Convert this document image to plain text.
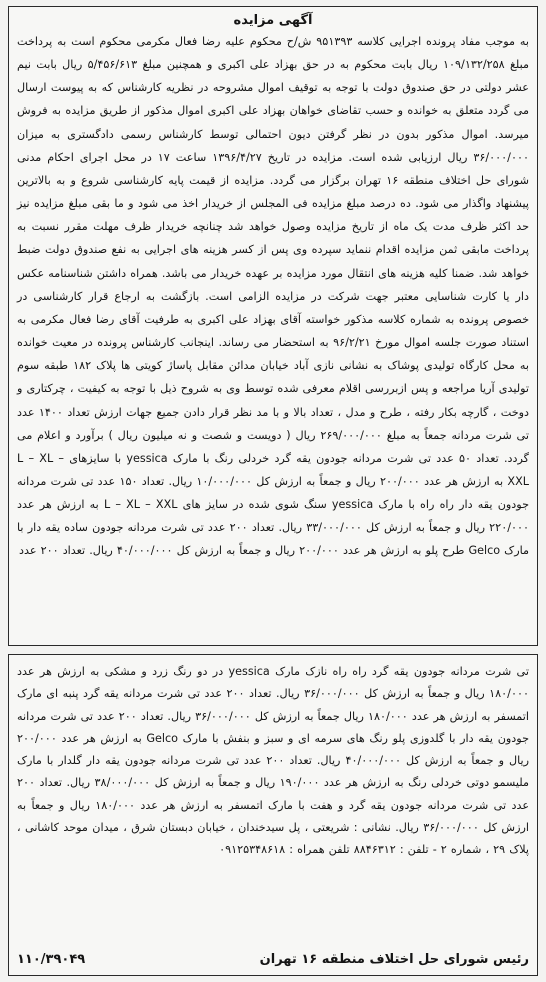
آگهی مزایده
به موجب مفاد پرونده اجرایی کلاسه ۹۵۱۳۹۳ ش/ح محکوم علیه رضا فعال مکرمی محکوم است به پرداخت مبلغ ۱۰۹/۱۳۲/۲۵۸ ریال بابت محکوم به در حق بهزاد علی اکبری و همچنین مبلغ ۵/۴۵۶/۶۱۳ ریال بابت نیم عشر دولتی در حق صندوق دولت با توجه به توقیف اموال مشروحه در نظریه کارشناس که به پیوست ارسال می گردد متعلق به خوانده و حسب تقاضای خواهان بهزاد علی اکبری اموال مذکور از طریق مزایده به فروش میرسد. اموال مذکور بدون در نظر گرفتن دیون احتمالی توسط کارشناس رسمی دادگستری به میزان ۳۶/۰۰۰/۰۰۰ ریال ارزیابی شده است. مزایده در تاریخ ۱۳۹۶/۴/۲۷ ساعت ۱۷ در محل اجرای احکام مدنی شورای حل اختلاف منطقه ۱۶ تهران برگزار می گردد. مزایده از قیمت پایه کارشناسی شروع و به بالاترین پیشنهاد واگذار می شود. ده درصد مبلغ مزایده فی المجلس از خریدار اخذ می شود و ما بقی مبلغ مزایده نیز حد اکثر ظرف مدت یک ماه از تاریخ مزایده وصول خواهد شد چنانچه خریدار ظرف مهلت مقرر نسبت به پرداخت مابقی ثمن مزایده اقدام ننماید سپرده وی پس از کسر هزینه های اجرایی به نفع صندوق دولت ضبط خواهد شد. ضمنا کلیه هزینه های انتقال مورد مزایده بر عهده خریدار می باشد. همراه داشتن شناسنامه عکس دار یا کارت شناسایی معتبر جهت شرکت در مزایده الزامی است. بازگشت به ارجاع قرار کارشناسی در خصوص پرونده به شماره کلاسه مذکور خواسته آقای بهزاد علی اکبری به طرفیت آقای رضا فعال مکرمی به استناد صورت جلسه اموال مورخ ۹۶/۲/۲۱ به استحضار می رساند. اینجانب کارشناس پرونده در معیت خوانده به محل کارگاه تولیدی پوشاک به نشانی نازی آباد خیابان مدائن مقابل پاساژ کویتی ها پلاک ۱۸۲ طبقه سوم تولیدی آریا مراجعه و پس ازبررسی اقلام معرفی شده توسط وی به شروح ذیل با توجه به کیفیت ، چرکتاری و دوخت ، گارچه بکار رفته ، طرح و مدل ، تعداد بالا و با مد نظر قرار دادن جمیع جهات ارزش تعداد ۱۴۰۰ عدد تی شرت مردانه جمعاً به مبلغ ۲۶۹/۰۰۰/۰۰۰ ریال ( دویست و شصت و نه میلیون ریال ) برآورد و اعلام می گردد. تعداد ۵۰ عدد تی شرت مردانه جودون یقه گرد خردلی رنگ با مارک yessica با سایزهای L – XL – XXL به ارزش هر عدد ۲۰۰/۰۰۰ ریال و جمعاً به ارزش کل ۱۰/۰۰۰/۰۰۰ ریال. تعداد ۱۵۰ عدد تی شرت مردانه جودون یقه دار راه راه با مارک yessica سنگ شوی شده در سایز های L – XL – XXL به ارزش هر عدد ۲۲۰/۰۰۰ ریال و جمعاً به ارزش کل ۳۳/۰۰۰/۰۰۰ ریال. تعداد ۲۰۰ عدد تی شرت مردانه جودون ساده یقه دار با مارک Gelco طرح پلو به ارزش هر عدد ۲۰۰/۰۰۰ ریال و جمعاً به ارزش کل ۴۰/۰۰۰/۰۰۰ ریال. تعداد ۲۰۰ عدد
تی شرت مردانه جودون یقه گرد راه راه نازک مارک yessica در دو رنگ زرد و مشکی به ارزش هر عدد ۱۸۰/۰۰۰ ریال و جمعاً به ارزش کل ۳۶/۰۰۰/۰۰۰ ریال. تعداد ۲۰۰ عدد تی شرت مردانه یقه گرد پنبه ای مارک اتمسفر به ارزش هر عدد ۱۸۰/۰۰۰ ریال جمعاً به ارزش کل ۳۶/۰۰۰/۰۰۰ ریال. تعداد ۲۰۰ عدد تی شرت مردانه جودون یقه دار با گلدوزی پلو رنگ های سرمه ای و سبز و بنفش با مارک Gelco به ارزش هر عدد ۲۰۰/۰۰۰ ریال و جمعاً به ارزش کل ۴۰/۰۰۰/۰۰۰ ریال. تعداد ۲۰۰ عدد تی شرت مردانه جودون یقه دار گلدار با مارک ملیسمو دوتی خردلی رنگ به ارزش هر عدد ۱۹۰/۰۰۰ ریال و جمعاً به ارزش کل ۳۸/۰۰۰/۰۰۰ ریال. تعداد ۲۰۰ عدد تی شرت مردانه جودون یقه گرد و هفت با مارک اتمسفر به ارزش هر عدد ۱۸۰/۰۰۰ ریال و جمعاً به ارزش کل ۳۶/۰۰۰/۰۰۰ ریال. نشانی : شریعتی ، پل سیدخندان ، خیابان دبستان شرق ، میدان موحد کاشانی ، پلاک ۲۹ ، شماره ۲ - تلفن : ۸۸۴۶۳۱۲ تلفن همراه : ۰۹۱۲۵۳۴۸۶۱۸
۱۱۰/۳۹۰۴۹	رئیس شورای حل اختلاف منطقه ۱۶ تهران
